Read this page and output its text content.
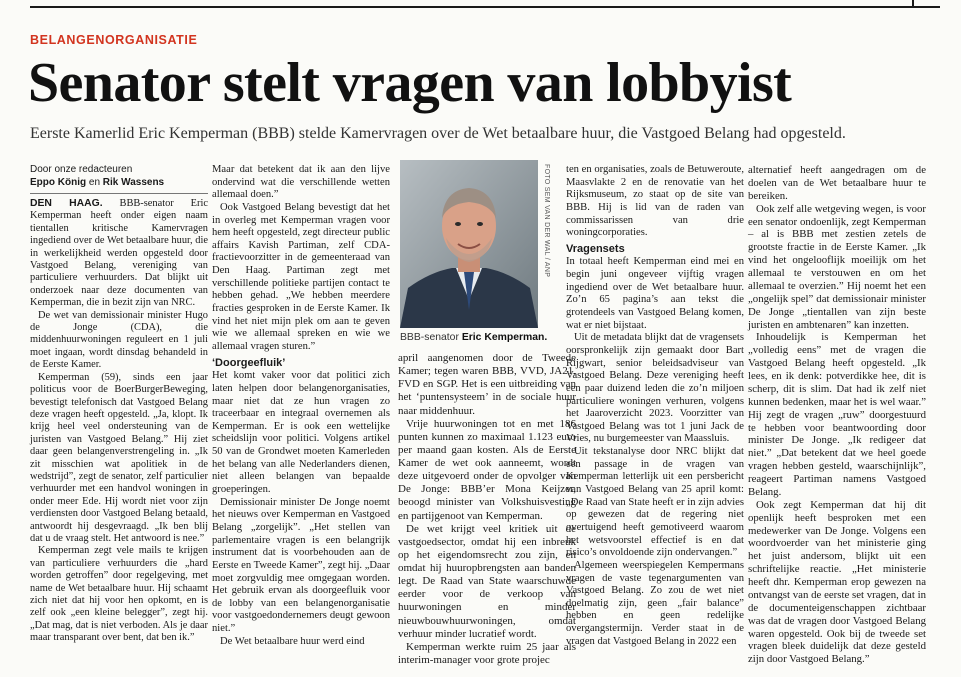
BELANGENORGANISATIE
Senator stelt vragen van lobbyist
Eerste Kamerlid Eric Kemperman (BBB) stelde Kamervragen over de Wet betaalbare huur, die Vastgoed Belang had opgesteld.
Door onze redacteuren
Eppo König en Rik Wassens

DEN HAAG. BBB-senator Eric Kemperman heeft onder eigen naam tientallen kritische Kamervragen ingediend over de Wet betaalbare huur, die in werkelijkheid werden opgesteld door Vastgoed Belang, vereniging van particuliere verhuurders. Dat blijkt uit onderzoek naar deze documenten van Kemperman, die in bezit zijn van NRC.

De wet van demissionair minister Hugo de Jonge (CDA), die middenhuurwoningen reguleert en 1 juli moet ingaan, wordt dinsdag behandeld in de Eerste Kamer.

Kemperman (59), sinds een jaar politicus voor de BoerBurgerBeweging, bevestigt telefonisch dat Vastgoed Belang deze vragen heeft opgesteld. „Ja, klopt. Ik krijg heel veel ondersteuning van de juristen van Vastgoed Belang.” Hij ziet daar geen belangenverstrengeling in. „Ik zit misschien wat apolitiek in de wedstrijd”, zegt de senator, zelf particulier verhuurder met een handvol woningen in onder meer Ede. Hij wordt niet voor zijn verdiensten door Vastgoed Belang betaald, antwoordt hij desgevraagd. „Ik ben blij dat u de vraag stelt. Het antwoord is nee.”

Kemperman zegt vele mails te krijgen van particuliere verhuurders die „hard worden getroffen” door regelgeving, met name de Wet betaalbare huur. Hij schaamt zich niet dat hij voor hen opkomt, en is zelf ook „een kleine belegger”, zegt hij. „Dat mag, dat is niet verboden. Als je daar maar transparant over bent, dat ben ik.”

Maar dat betekent dat ik aan den lijve ondervind wat die verschillende wetten allemaal doen.”

Ook Vastgoed Belang bevestigt dat het in overleg met Kemperman vragen voor hem heeft opgesteld, zegt directeur public affairs Kavish Partiman, zelf CDA-fractievoorzitter in de gemeenteraad van Den Haag. Partiman zegt met verschillende politieke partijen contact te hebben gehad. „We hebben meerdere fracties gesproken in de Eerste Kamer. Ik vind het niet mijn plek om aan te geven wie we allemaal spreken en wie we allemaal vragen sturen.”

‘Doorgeefluik’

Het komt vaker voor dat politici zich laten helpen door belangenorganisaties, maar niet dat ze hun vragen zo traceerbaar en integraal overnemen als Kemperman. Er is ook een wettelijke scheidslijn voor politici. Volgens artikel 50 van de Grondwet moeten Kamerleden het belang van alle Nederlanders dienen, niet alleen belangen van bepaalde groeperingen.

Demissionair minister De Jonge noemt het nieuws over Kemperman en Vastgoed Belang „zorgelijk”. „Het stellen van parlementaire vragen is een belangrijk instrument dat is voorbehouden aan de Eerste en Tweede Kamer”, zegt hij. „Daar moet zorgvuldig mee omgegaan worden. Het gebruik ervan als doorgeefluik voor de lobby van een belangenorganisatie voor vastgoedondernemers deugt gewoon niet.”

De Wet betaalbare huur werd eind

FOTO SEM VAN DER WAL / ANP
BBB-senator Eric Kemperman.

april aangenomen door de Tweede Kamer; tegen waren BBB, VVD, JA21, FVD en SGP. Het is een uitbreiding van het ‘puntensysteem’ in de sociale huur naar middenhuur.

Vrije huurwoningen tot en met 186 punten kunnen zo maximaal 1.123 euro per maand gaan kosten. Als de Eerste Kamer de wet ook aanneemt, wordt deze uitgevoerd onder de opvolger van De Jonge: BBB’er Mona Keijzer, beoogd minister van Volkshuisvesting en partijgenoot van Kemperman.

De wet krijgt veel kritiek uit de vastgoedsector, omdat hij een inbreuk op het eigendomsrecht zou zijn, en omdat hij huuropbrengsten aan banden legt. De Raad van State waarschuwde eerder voor de verkoop van huurwoningen en minder nieuwbouwhuurwoningen, omdat verhuur minder lucratief wordt.

Kemperman werkte ruim 25 jaar als interim-manager voor grote projec

ten en organisaties, zoals de Betuweroute, Maasvlakte 2 en de renovatie van het Rijksmuseum, zo staat op de site van BBB. Hij is lid van de raden van commissarissen van drie woningcorporaties.

Vragensets

In totaal heeft Kemperman eind mei en begin juni ongeveer vijftig vragen ingediend over de Wet betaalbare huur. Zo’n 65 pagina’s aan tekst die grotendeels van Vastgoed Belang komen, wat er niet bijstaat.

Uit de metadata blijkt dat de vragensets oorspronkelijk zijn gemaakt door Bart Rijgwart, senior beleidsadviseur van Vastgoed Belang. Deze vereniging heeft een paar duizend leden die zo’n miljoen particuliere woningen verhuren, volgens het Jaaroverzicht 2023. Voorzitter van Vastgoed Belang was tot 1 juni Jack de Vries, nu burgemeester van Maassluis.

Uit tekstanalyse door NRC blijkt dat een passage in de vragen van Kemperman letterlijk uit een persbericht van Vastgoed Belang van 25 april komt: „De Raad van State heeft er in zijn advies op gewezen dat de regering niet overtuigend heeft gemotiveerd waarom het wetsvoorstel effectief is en dat risico’s onvoldoende zijn ondervangen.”

Algemeen weerspiegelen Kempermans vragen de vaste tegenargumenten van Vastgoed Belang. Zo zou de wet niet doelmatig zijn, geen „fair balance” hebben en geen redelijke overgangstermijn. Verder staat in de vragen dat Vastgoed Belang in 2022 een

alternatief heeft aangedragen om de doelen van de Wet betaalbare huur te bereiken.

Ook zelf alle wetgeving wegen, is voor een senator ondoenlijk, zegt Kemperman – al is BBB met zestien zetels de grootste fractie in de Eerste Kamer. „Ik vind het ongelooflijk moeilijk om het allemaal te verstouwen en om het allemaal te overzien.” Hij noemt het een „ongelijk spel” dat demissionair minister De Jonge „tientallen van zijn beste juristen en ambtenaren” kan inzetten.

Inhoudelijk is Kemperman het „volledig eens” met de vragen die Vastgoed Belang heeft opgesteld. „Ik lees, en ik denk: potverdikke hee, dit is scherp, dit is slim. Dat had ik zelf niet kunnen bedenken, maar het is wel waar.” Hij zegt de vragen „ruw” doorgestuurd te hebben voor beantwoording door minister De Jonge. „Ik redigeer dat niet.” „Dat betekent dat we heel goede vragen hebben gesteld, waarschijnlijk”, reageert Partiman namens Vastgoed Belang.

Ook zegt Kemperman dat hij dit openlijk heeft besproken met een medewerker van De Jonge. Volgens een woordvoerder van het ministerie ging het juist andersom, blijkt uit een schriftelijke reactie. „Het ministerie heeft dhr. Kemperman erop gewezen na ontvangst van de eerste set vragen, dat in de documenteigenschappen zichtbaar was dat de vragen door Vastgoed Belang waren opgesteld. Ook bij de tweede set vragen bleek duidelijk dat deze gesteld zijn door Vastgoed Belang.”
